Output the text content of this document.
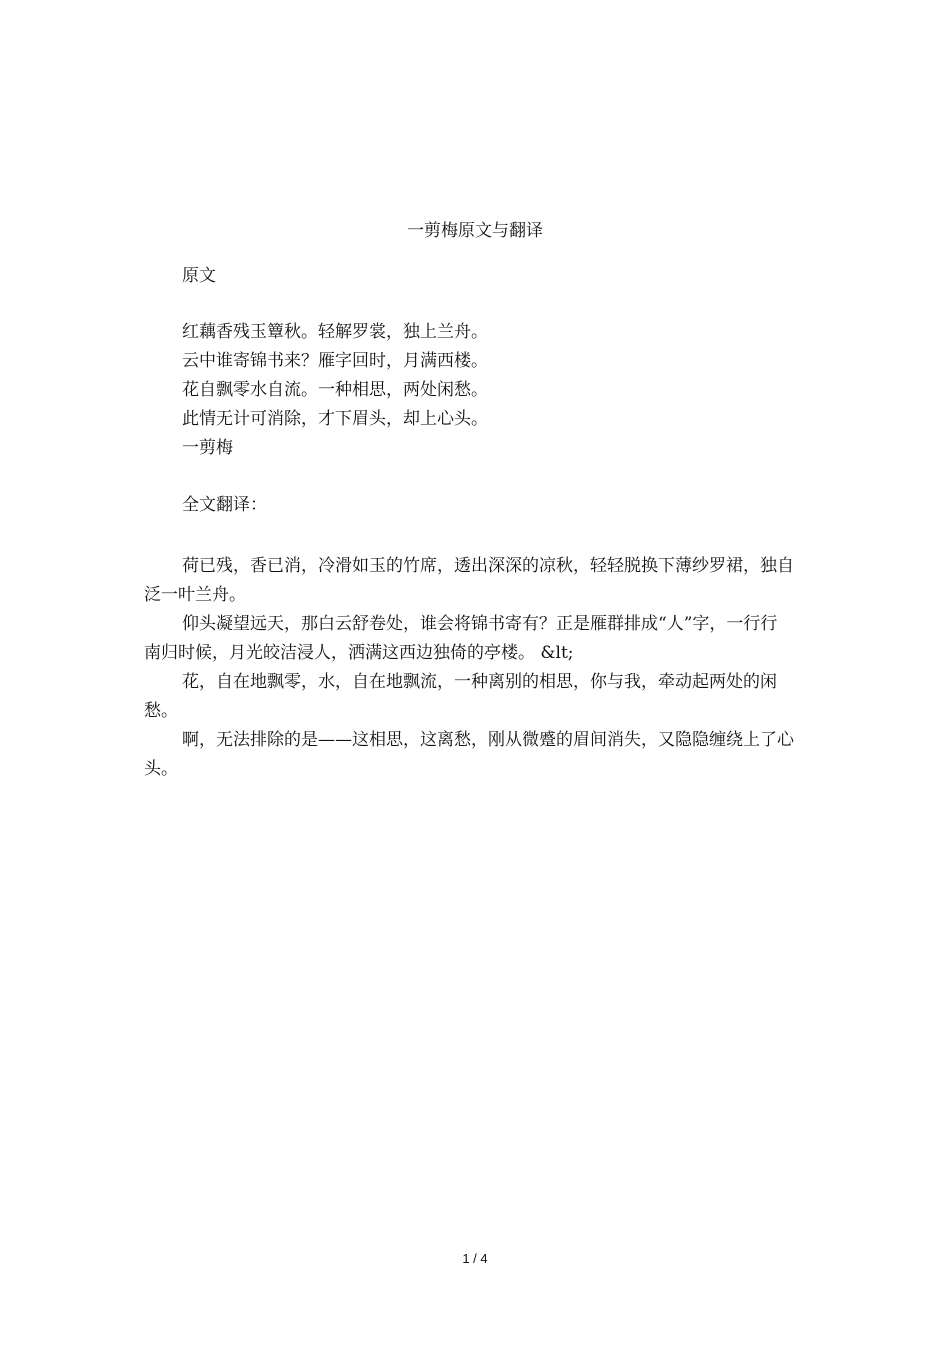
一剪梅原文与翻译
原文
红藕香残玉簟秋。轻解罗裳，独上兰舟。
云中谁寄锦书来？雁字回时，月满西楼。
花自飘零水自流。一种相思，两处闲愁。
此情无计可消除，才下眉头，却上心头。
一剪梅
全文翻译：

荷已残，香已消，冷滑如玉的竹席，透出深深的凉秋，轻轻脱换下薄纱罗裙，独自泛一叶兰舟。

仰头凝望远天，那白云舒卷处，谁会将锦书寄有？正是雁群排成“人”字，一行行南归时候，月光皎洁浸人，洒满这西边独倚的亭楼。 &lt;

花，自在地飘零，水，自在地飘流，一种离别的相思，你与我，牵动起两处的闲愁。

啊，无法排除的是——这相思，这离愁，刚从微蹙的眉间消失，又隐隐缠绕上了心头。

1 / 4
